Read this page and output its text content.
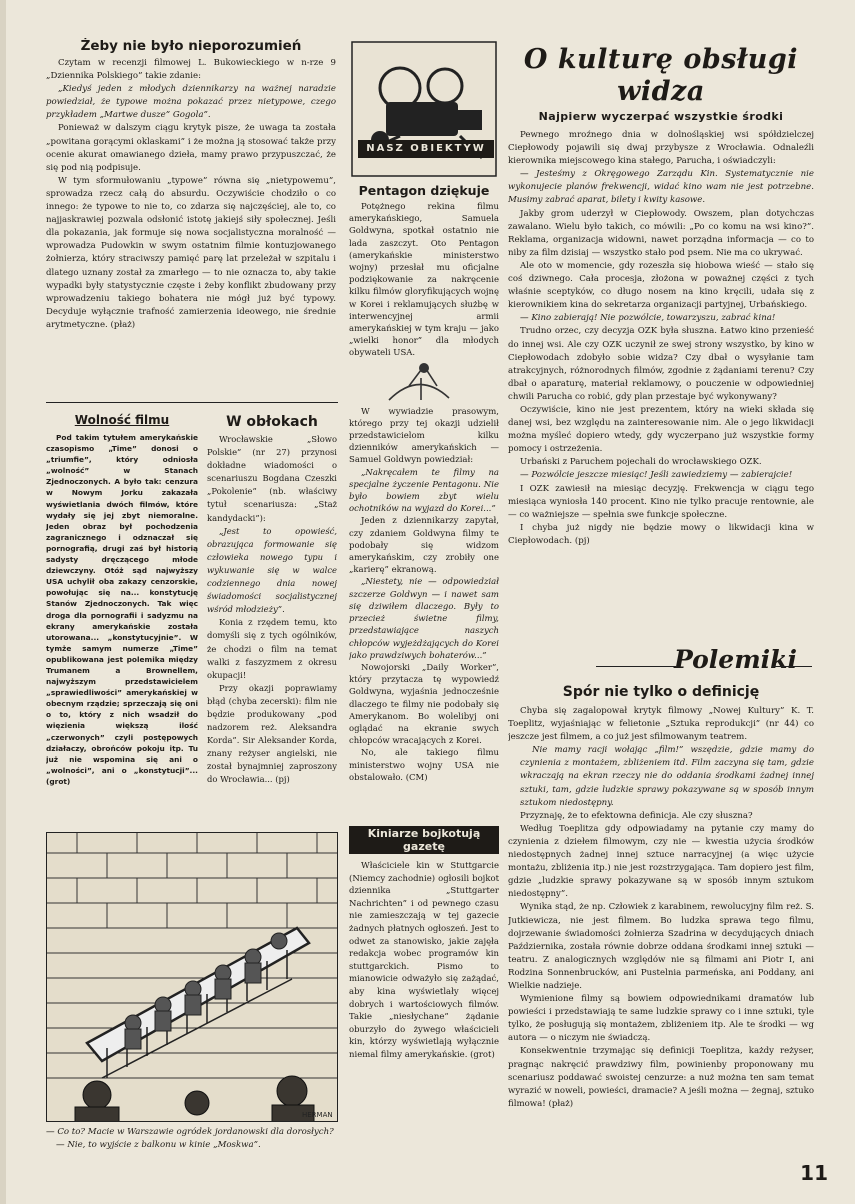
Żeby nie było nieporozumień

Czytam w recenzji filmowej L. Bukowieckiego w n-rze 9 „Dziennika Polskiego” takie zdanie:

„Kiedyś jeden z młodych dziennikarzy na ważnej naradzie powiedział, że typowe można pokazać przez nietypowe, czego przykładem „Martwe dusze” Gogola”.

Ponieważ w dalszym ciągu krytyk pisze, że uwaga ta została „powitana gorącymi oklaskami” i że można ją stosować także przy ocenie akurat omawianego dzieła, mamy prawo przypuszczać, że się pod nią podpisuje.

W tym sformułowaniu „typowe” równa się „nietypowemu”, sprowadza rzecz całą do absurdu. Oczywiście chodziło o co innego: że typowe to nie to, co zdarza się najczęściej, ale to, co najjaskrawiej pozwala odsłonić istotę jakiejś siły społecznej. Jeśli dla pokazania, jak formuje się nowa socjalistyczna moralność — wprowadza Pudowkin w swym ostatnim filmie kontuzjowanego żołnierza, który straciwszy pamięć parę lat przeleżał w szpitalu i dlatego uznany został za zmarłego — to nie oznacza to, aby takie wypadki były statystycznie częste i żeby konflikt zbudowany przy wprowadzeniu takiego bohatera nie mógł już być typowy. Decyduje wyłącznie trafność zamierzenia ideowego, nie średnie arytmetyczne. (płaż)

Wolność filmu

Pod takim tytułem amerykańskie czasopismo „Time” donosi o „triumfie”, który odniosła „wolność” w Stanach Zjednoczonych. A było tak: cenzura w Nowym Jorku zakazała wyświetlania dwóch filmów, które wydały się jej zbyt niemoralne. Jeden obraz był pochodzenia zagranicznego i odznaczał się pornografią, drugi zaś był historią sadysty dręczącego młode dziewczyny. Otóż sąd najwyższy USA uchylił oba zakazy cenzorskie, powołując się na... konstytucję Stanów Zjednoczonych. Tak więc droga dla pornografii i sadyzmu na ekrany amerykańskie została utorowana... „konstytucyjnie”. W tymże samym numerze „Time” opublikowana jest polemika między Trumanem a Brownellem, najwyższym przedstawicielem „sprawiedliwości” amerykańskiej w obecnym rządzie; sprzeczają się oni o to, który z nich wsadził do więzienia większą ilość „czerwonych” czyli postępowych działaczy, obrońców pokoju itp. Tu już nie wspomina się ani o „wolności”, ani o „konstytucji”... (grot)

W obłokach

Wrocławskie „Słowo Polskie” (nr 27) przynosi dokładne wiadomości o scenariuszu Bogdana Czeszki „Pokolenie” (nb. właściwy tytuł scenariusza: „Staż kandydacki”):

„Jest to opowieść, obrazująca formowanie się człowieka nowego typu i wykuwanie się w walce codziennego dnia nowej świadomości socjalistycznej wśród młodzieży”.

Konia z rzędem temu, kto domyśli się z tych ogólników, że chodzi o film na temat walki z faszyzmem z okresu okupacji!

Przy okazji poprawiamy błąd (chyba zecerski): film nie będzie produkowany „pod nadzorem reż. Aleksandra Korda”. Sir Aleksander Korda, znany reżyser angielski, nie został bynajmniej zaproszony do Wrocławia... (pj)

HERMAN
— Co to? Macie w Warszawie ogródek jordanowski dla dorosłych?
— Nie, to wyjście z balkonu w kinie „Moskwa”.
NASZ OBIEKTYW
Pentagon dziękuje

Potężnego rekina filmu amerykańskiego, Samuela Goldwyna, spotkał ostatnio nie lada zaszczyt. Oto Pentagon (amerykańskie ministerstwo wojny) przesłał mu oficjalne podziękowanie za nakręcenie kilku filmów gloryfikujących wojnę w Korei i reklamujących służbę w interwencyjnej armii amerykańskiej w tym kraju — jako „wielki honor” dla młodych obywateli USA.

W wywiadzie prasowym, którego przy tej okazji udzielił przedstawicielom kilku dzienników amerykańskich — Samuel Goldwyn powiedział:

„Nakręcałem te filmy na specjalne życzenie Pentagonu. Nie było bowiem zbyt wielu ochotników na wyjazd do Korei...”

Jeden z dziennikarzy zapytał, czy zdaniem Goldwyna filmy te podobały się widzom amerykańskim, czy zrobiły one „karierę” ekranową.

„Niestety, nie — odpowiedział szczerze Goldwyn — i nawet sam się dziwiłem dlaczego. Były to przecież świetne filmy, przedstawiające naszych chłopców wyjeżdżających do Korei jako prawdziwych bohaterów...”

Nowojorski „Daily Worker”, który przytacza tę wypowiedź Goldwyna, wyjaśnia jednocześnie dlaczego te filmy nie podobały się Amerykanom. Bo wolelibyj oni oglądać na ekranie swych chłopców wracających z Korei.

No, ale takiego filmu ministerstwo wojny USA nie obstalowało. (CM)

Kiniarze bojkotują gazetę

Właściciele kin w Stuttgarcie (Niemcy zachodnie) ogłosili bojkot dziennika „Stuttgarter Nachrichten” i od pewnego czasu nie zamieszczają w tej gazecie żadnych płatnych ogłoszeń. Jest to odwet za stanowisko, jakie zajęła redakcja wobec programów kin stuttgarckich. Pismo to mianowicie odważyło się zażądać, aby kina wyświetlały więcej dobrych i wartościowych filmów. Takie „niesłychane” żądanie oburzyło do żywego właścicieli kin, którzy wyświetlają wyłącznie niemal filmy amerykańskie. (grot)

O kulturę obsługi widza
Najpierw wyczerpać wszystkie środki

Pewnego mroźnego dnia w dolnośląskiej wsi spółdzielczej Ciepłowody pojawili się dwaj przybysze z Wrocławia. Odnaleźli kierownika miejscowego kina stałego, Parucha, i oświadczyli:

— Jesteśmy z Okręgowego Zarządu Kin. Systematycznie nie wykonujecie planów frekwencji, widać kino wam nie jest potrzebne. Musimy zabrać aparat, bilety i kwity kasowe.

Jakby grom uderzył w Ciepłowody. Owszem, plan dotychczas zawalano. Wielu było takich, co mówili: „Po co komu na wsi kino?”. Reklama, organizacja widowni, nawet porządna informacja — co to niby za film dzisiaj — wszystko stało pod psem. Nie ma co ukrywać.

Ale oto w momencie, gdy rozeszła się hiobowa wieść — stało się coś dziwnego. Cała procesja, złożona w poważnej części z tych właśnie sceptyków, co długo nosem na kino kręcili, udała się z kierownikiem kina do sekretarza organizacji partyjnej, Urbańskiego.

— Kino zabierają! Nie pozwólcie, towarzyszu, zabrać kina!

Trudno orzec, czy decyzja OZK była słuszna. Łatwo kino przenieść do innej wsi. Ale czy OZK uczynił ze swej strony wszystko, by kino w Ciepłowodach zdobyło sobie widza? Czy dbał o wysyłanie tam atrakcyjnych, różnorodnych filmów, zgodnie z żądaniami terenu? Czy dbał o aparaturę, materiał reklamowy, o pouczenie w odpowiedniej chwili Parucha co robić, gdy plan przestaje być wykonywany?

Oczywiście, kino nie jest prezentem, który na wieki składa się danej wsi, bez względu na zainteresowanie nim. Ale o jego likwidacji można myśleć dopiero wtedy, gdy wyczerpano już wszystkie formy pomocy i ostrzeżenia.

Urbański z Paruchem pojechali do wrocławskiego OZK.

— Pozwólcie jeszcze miesiąc! Jeśli zawiedziemy — zabierajcie!

I OZK zawiesił na miesiąc decyzję. Frekwencja w ciągu tego miesiąca wyniosła 140 procent. Kino nie tylko pracuje rentownie, ale — co ważniejsze — spełnia swe funkcje społeczne.

I chyba już nigdy nie będzie mowy o likwidacji kina w Ciepłowodach. (pj)

Polemiki
Spór nie tylko o definicję

Chyba się zagalopował krytyk filmowy „Nowej Kultury” K. T. Toeplitz, wyjaśniając w felietonie „Sztuka reprodukcji” (nr 44) co jeszcze jest filmem, a co już jest sfilmowanym teatrem.

Nie mamy racji wołając „film!” wszędzie, gdzie mamy do czynienia z montażem, zbliżeniem itd. Film zaczyna się tam, gdzie wkraczają na ekran rzeczy nie do oddania środkami żadnej innej sztuki, tam, gdzie ludzkie sprawy pokazywane są w sposób innym sztukom niedostępny.

Przyznaję, że to efektowna definicja. Ale czy słuszna?

Według Toeplitza gdy odpowiadamy na pytanie czy mamy do czynienia z dziełem filmowym, czy nie — kwestia użycia środków niedostępnych żadnej innej sztuce narracyjnej (a więc użycie montażu, zbliżenia itp.) nie jest rozstrzygająca. Tam dopiero jest film, gdzie „ludzkie sprawy pokazywane są w sposób innym sztukom niedostępny”.

Wynika stąd, że np. Człowiek z karabinem, rewolucyjny film reż. S. Jutkiewicza, nie jest filmem. Bo ludzka sprawa tego filmu, dojrzewanie świadomości żołnierza Szadrina w decydujących dniach Października, została równie dobrze oddana środkami innej sztuki — teatru. Z analogicznych względów nie są filmami ani Piotr I, ani Rodzina Sonnenbrucków, ani Pustelnia parmeńska, ani Poddany, ani Wielkie nadzieje.

Wymienione filmy są bowiem odpowiednikami dramatów lub powieści i przedstawiają te same ludzkie sprawy co i inne sztuki, tyle tylko, że posługują się montażem, zbliżeniem itp. Ale te środki — wg autora — o niczym nie świadczą.

Konsekwentnie trzymając się definicji Toeplitza, każdy reżyser, pragnąc nakręcić prawdziwy film, powinienby proponowany mu scenariusz poddawać swoistej cenzurze: a nuż można ten sam temat wyrazić w noweli, powieści, dramacie? A jeśli można — żegnaj, sztuko filmowa! (płaż)

11
